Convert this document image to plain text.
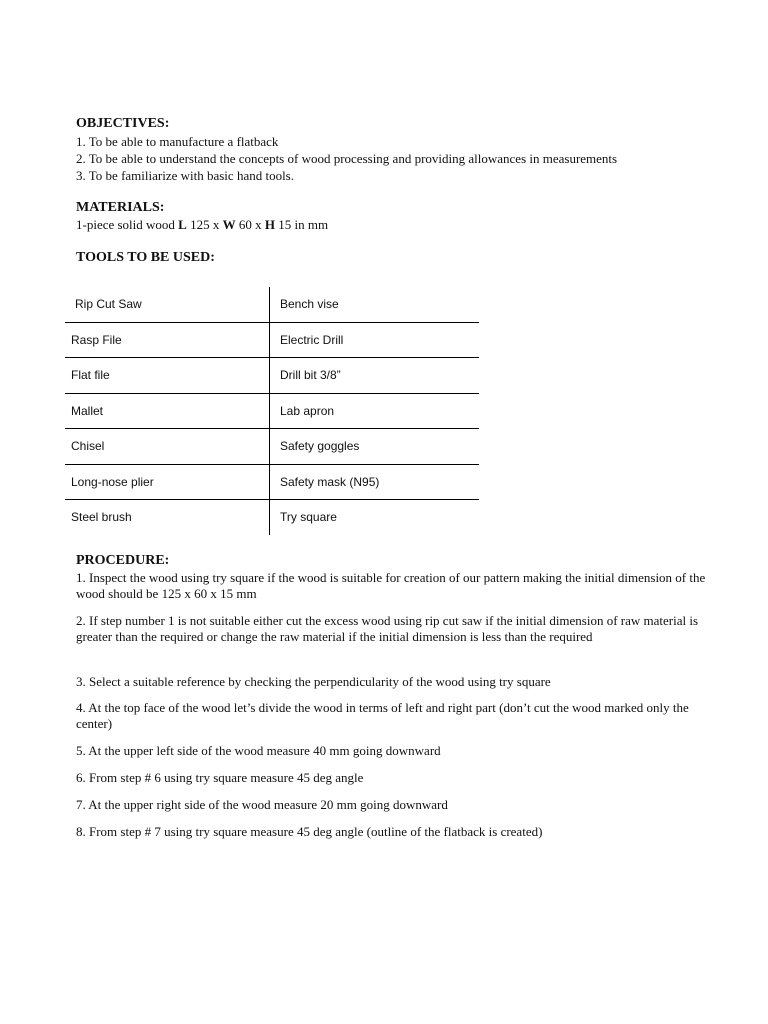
OBJECTIVES:
1. To be able to manufacture a flatback
2. To be able to understand the concepts of wood processing and providing allowances in measurements
3. To be familiarize with basic hand tools.
MATERIALS:
1-piece solid wood L 125 x W 60 x H 15 in mm
TOOLS TO BE USED:
Rip Cut Saw	Bench vise
Rasp File	Electric Drill
Flat file	Drill bit 3/8”
Mallet	Lab apron
Chisel	Safety goggles
Long-nose plier	Safety mask (N95)
Steel brush	Try square
PROCEDURE:
1. Inspect the wood using try square if the wood is suitable for creation of our pattern making the initial dimension of the wood should be 125 x 60 x 15 mm
2. If step number 1 is not suitable either cut the excess wood using rip cut saw if the initial dimension of raw material is greater than the required or change the raw material if the initial dimension is less than the required
3. Select a suitable reference by checking the perpendicularity of the wood using try square
4. At the top face of the wood let’s divide the wood in terms of left and right part (don’t cut the wood marked only the center)
5. At the upper left side of the wood measure 40 mm going downward
6. From step # 6 using try square measure 45 deg angle
7. At the upper right side of the wood measure 20 mm going downward
8. From step # 7 using try square measure 45 deg angle (outline of the flatback is created)
